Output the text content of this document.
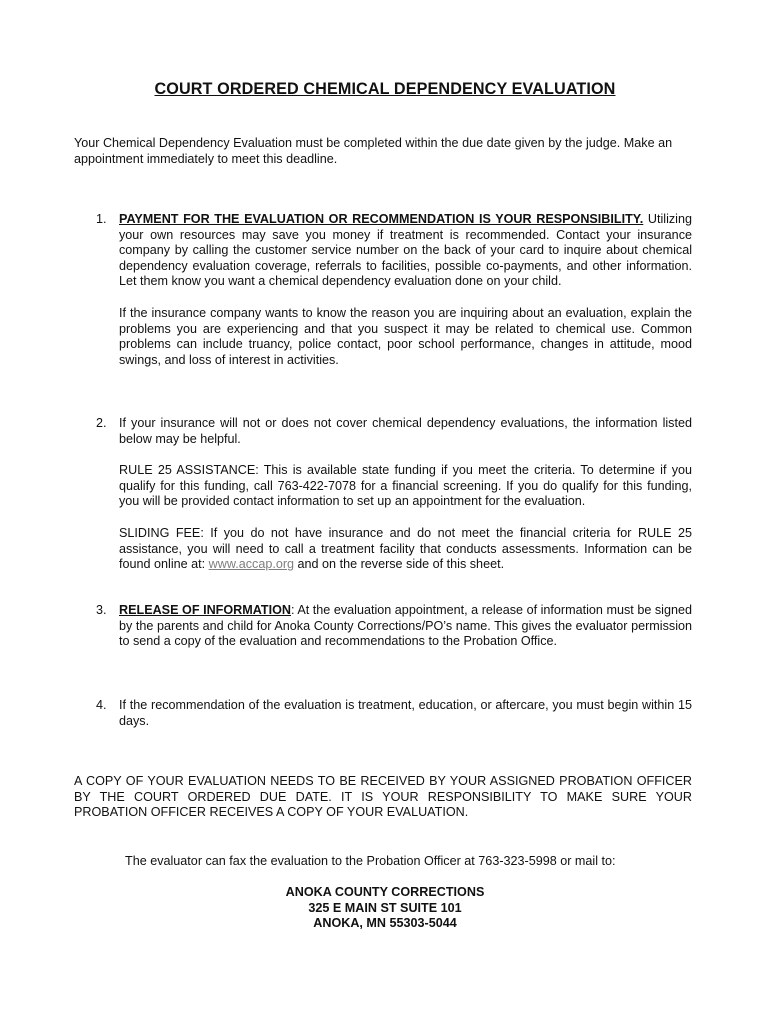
COURT ORDERED CHEMICAL DEPENDENCY EVALUATION
Your Chemical Dependency Evaluation must be completed within the due date given by the judge. Make an appointment immediately to meet this deadline.
1. PAYMENT FOR THE EVALUATION OR RECOMMENDATION IS YOUR RESPONSIBILITY. Utilizing your own resources may save you money if treatment is recommended. Contact your insurance company by calling the customer service number on the back of your card to inquire about chemical dependency evaluation coverage, referrals to facilities, possible co-payments, and other information. Let them know you want a chemical dependency evaluation done on your child.

If the insurance company wants to know the reason you are inquiring about an evaluation, explain the problems you are experiencing and that you suspect it may be related to chemical use. Common problems can include truancy, police contact, poor school performance, changes in attitude, mood swings, and loss of interest in activities.

2. If your insurance will not or does not cover chemical dependency evaluations, the information listed below may be helpful.

RULE 25 ASSISTANCE: This is available state funding if you meet the criteria. To determine if you qualify for this funding, call 763-422-7078 for a financial screening. If you do qualify for this funding, you will be provided contact information to set up an appointment for the evaluation.

SLIDING FEE: If you do not have insurance and do not meet the financial criteria for RULE 25 assistance, you will need to call a treatment facility that conducts assessments. Information can be found online at: www.accap.org and on the reverse side of this sheet.

3. RELEASE OF INFORMATION: At the evaluation appointment, a release of information must be signed by the parents and child for Anoka County Corrections/PO’s name. This gives the evaluator permission to send a copy of the evaluation and recommendations to the Probation Office.

4. If the recommendation of the evaluation is treatment, education, or aftercare, you must begin within 15 days.

A COPY OF YOUR EVALUATION NEEDS TO BE RECEIVED BY YOUR ASSIGNED PROBATION OFFICER BY THE COURT ORDERED DUE DATE. IT IS YOUR RESPONSIBILITY TO MAKE SURE YOUR PROBATION OFFICER RECEIVES A COPY OF YOUR EVALUATION.
The evaluator can fax the evaluation to the Probation Officer at 763-323-5998 or mail to:
ANOKA COUNTY CORRECTIONS
325 E MAIN ST SUITE 101
ANOKA, MN 55303-5044
